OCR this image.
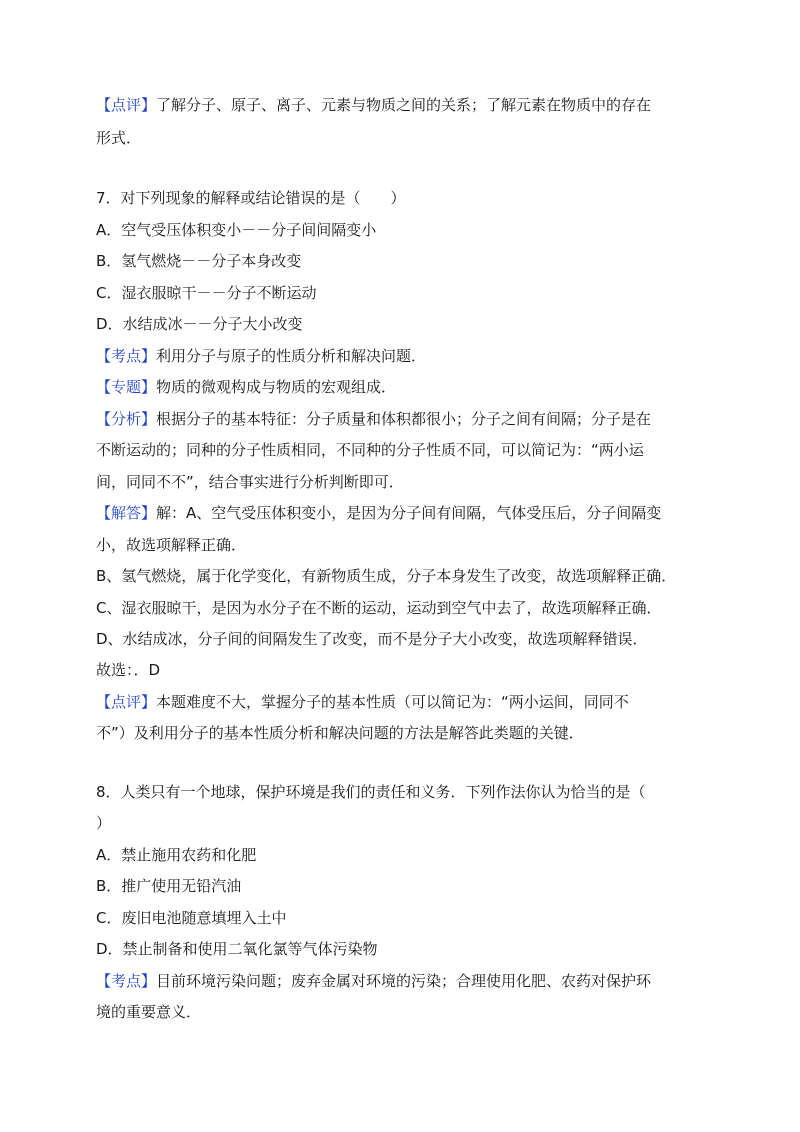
【点评】了解分子、原子、离子、元素与物质之间的关系；了解元素在物质中的存在
形式．
7．对下列现象的解释或结论错误的是（　　）
A．空气受压体积变小－－分子间间隔变小
B．氢气燃烧－－分子本身改变
C．湿衣服晾干－－分子不断运动
D．水结成冰－－分子大小改变
【考点】利用分子与原子的性质分析和解决问题．
【专题】物质的微观构成与物质的宏观组成．
【分析】根据分子的基本特征：分子质量和体积都很小；分子之间有间隔；分子是在
不断运动的；同种的分子性质相同，不同种的分子性质不同，可以简记为：“两小运
间，同同不不”，结合事实进行分析判断即可．
【解答】解：A、空气受压体积变小，是因为分子间有间隔，气体受压后，分子间隔变
小，故选项解释正确．
B、氢气燃烧，属于化学变化，有新物质生成，分子本身发生了改变，故选项解释正确．
C、湿衣服晾干，是因为水分子在不断的运动，运动到空气中去了，故选项解释正确．
D、水结成冰，分子间的间隔发生了改变，而不是分子大小改变，故选项解释错误．
故选：．D
【点评】本题难度不大，掌握分子的基本性质（可以简记为：“两小运间，同同不
不”）及利用分子的基本性质分析和解决问题的方法是解答此类题的关键．
8．人类只有一个地球，保护环境是我们的责任和义务．下列作法你认为恰当的是（
）
A．禁止施用农药和化肥
B．推广使用无铅汽油
C．废旧电池随意填埋入土中
D．禁止制备和使用二氧化氯等气体污染物
【考点】目前环境污染问题；废弃金属对环境的污染；合理使用化肥、农药对保护环
境的重要意义．
